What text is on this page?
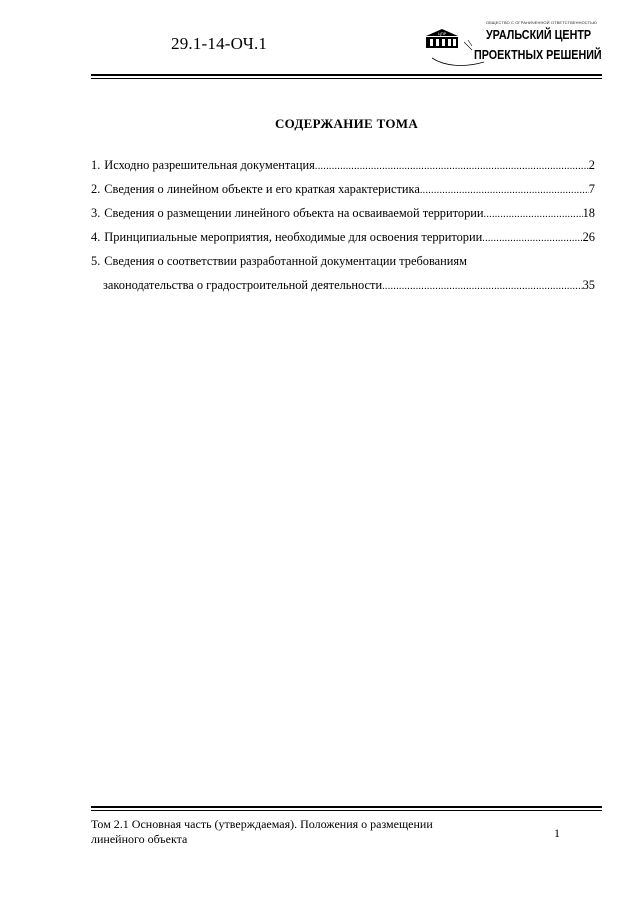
29.1-14-ОЧ.1
ЦПР
ОБЩЕСТВО С ОГРАНИЧЕННОЙ ОТВЕТСТВЕННОСТЬЮ
УРАЛЬСКИЙ ЦЕНТР
ПРОЕКТНЫХ РЕШЕНИЙ
СОДЕРЖАНИЕ ТОМА
1. Исходно разрешительная документация .....	2
2. Сведения о линейном объекте и его краткая характеристика .....	7
3. Сведения о размещении линейного объекта на осваиваемой территории .....	18
4. Принципиальные мероприятия, необходимые для освоения территории .....	26
5. Сведения о соответствии разработанной документации требованиям
законодательства о градостроительной деятельности .....	35
Том 2.1 Основная часть (утверждаемая). Положения о размещении
линейного объекта	1
